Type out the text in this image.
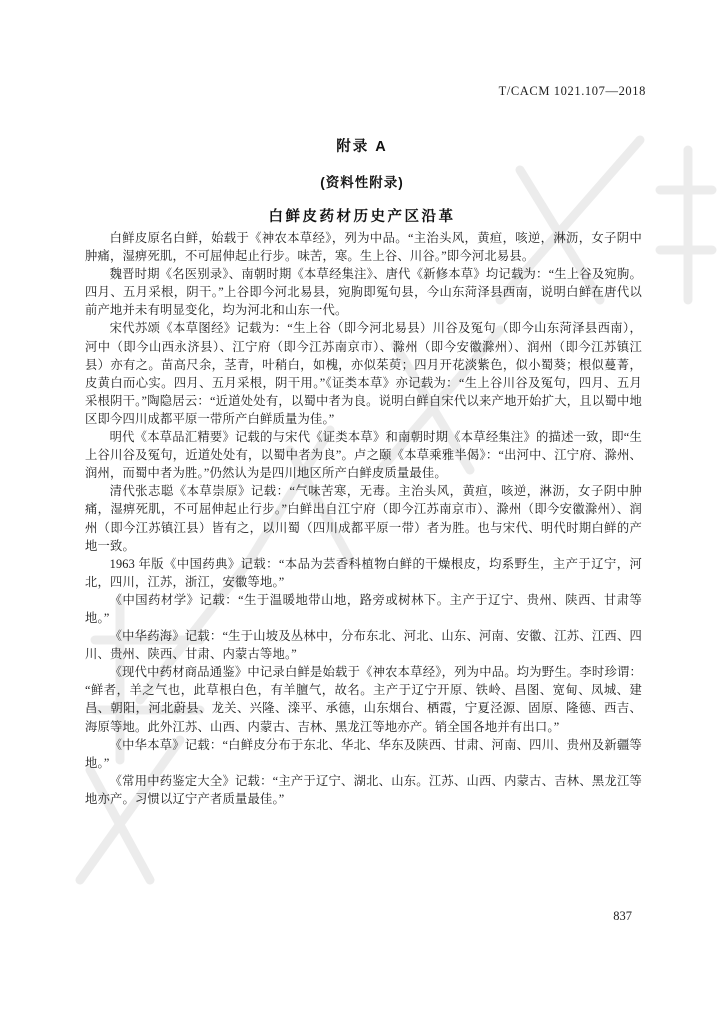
T/CACM 1021.107—2018
附录 A
(资料性附录)
白鲜皮药材历史产区沿革

白鲜皮原名白鲜，始载于《神农本草经》，列为中品。“主治头风，黄疸，咳逆，淋沥，女子阴中肿痛，湿痹死肌，不可屈伸起止行步。味苦，寒。生上谷、川谷。”即今河北易县。

魏晋时期《名医别录》、南朝时期《本草经集注》、唐代《新修本草》均记载为：“生上谷及宛朐。四月、五月采根，阴干。”上谷即今河北易县，宛朐即冤句县，今山东菏泽县西南，说明白鲜在唐代以前产地并未有明显变化，均为河北和山东一代。

宋代苏颂《本草图经》记载为：“生上谷（即今河北易县）川谷及冤句（即今山东菏泽县西南），河中（即今山西永济县）、江宁府（即今江苏南京市）、滁州（即今安徽滁州）、润州（即今江苏镇江县）亦有之。苗高尺余，茎青，叶稍白，如槐，亦似茱萸；四月开花淡紫色，似小蜀葵；根似蔓菁，皮黄白而心实。四月、五月采根，阴干用。”《证类本草》亦记载为：“生上谷川谷及冤句，四月、五月采根阴干。”陶隐居云：“近道处处有，以蜀中者为良。说明白鲜自宋代以来产地开始扩大，且以蜀中地区即今四川成都平原一带所产白鲜质量为佳。”

明代《本草品汇精要》记载的与宋代《证类本草》和南朝时期《本草经集注》的描述一致，即“生上谷川谷及冤句，近道处处有，以蜀中者为良”。卢之颐《本草乘雅半偈》：“出河中、江宁府、滁州、润州，而蜀中者为胜。”仍然认为是四川地区所产白鲜皮质量最佳。

清代张志聪《本草崇原》记载：“气味苦寒，无毒。主治头风，黄疸，咳逆，淋沥，女子阴中肿痛，湿痹死肌，不可屈伸起止行步。”白鲜出自江宁府（即今江苏南京市）、滁州（即今安徽滁州）、润州（即今江苏镇江县）皆有之，以川蜀（四川成都平原一带）者为胜。也与宋代、明代时期白鲜的产地一致。

1963 年版《中国药典》记载：“本品为芸香科植物白鲜的干燥根皮，均系野生，主产于辽宁，河北，四川，江苏，浙江，安徽等地。”

《中国药材学》记载：“生于温暖地带山地，路旁或树林下。主产于辽宁、贵州、陕西、甘肃等地。”

《中华药海》记载：“生于山坡及丛林中，分布东北、河北、山东、河南、安徽、江苏、江西、四川、贵州、陕西、甘肃、内蒙古等地。”

《现代中药材商品通鉴》中记录白鲜是始载于《神农本草经》，列为中品。均为野生。李时珍谓：“鲜者，羊之气也，此草根白色，有羊膻气，故名。主产于辽宁开原、铁岭、昌图、宽甸、凤城、建昌、朝阳，河北蔚县、龙关、兴隆、滦平、承德，山东烟台、栖霞，宁夏泾源、固原、隆德、西吉、海原等地。此外江苏、山西、内蒙古、吉林、黑龙江等地亦产。销全国各地并有出口。”

《中华本草》记载：“白鲜皮分布于东北、华北、华东及陕西、甘肃、河南、四川、贵州及新疆等地。”

《常用中药鉴定大全》记载：“主产于辽宁、湖北、山东。江苏、山西、内蒙古、吉林、黑龙江等地亦产。习惯以辽宁产者质量最佳。”

837
